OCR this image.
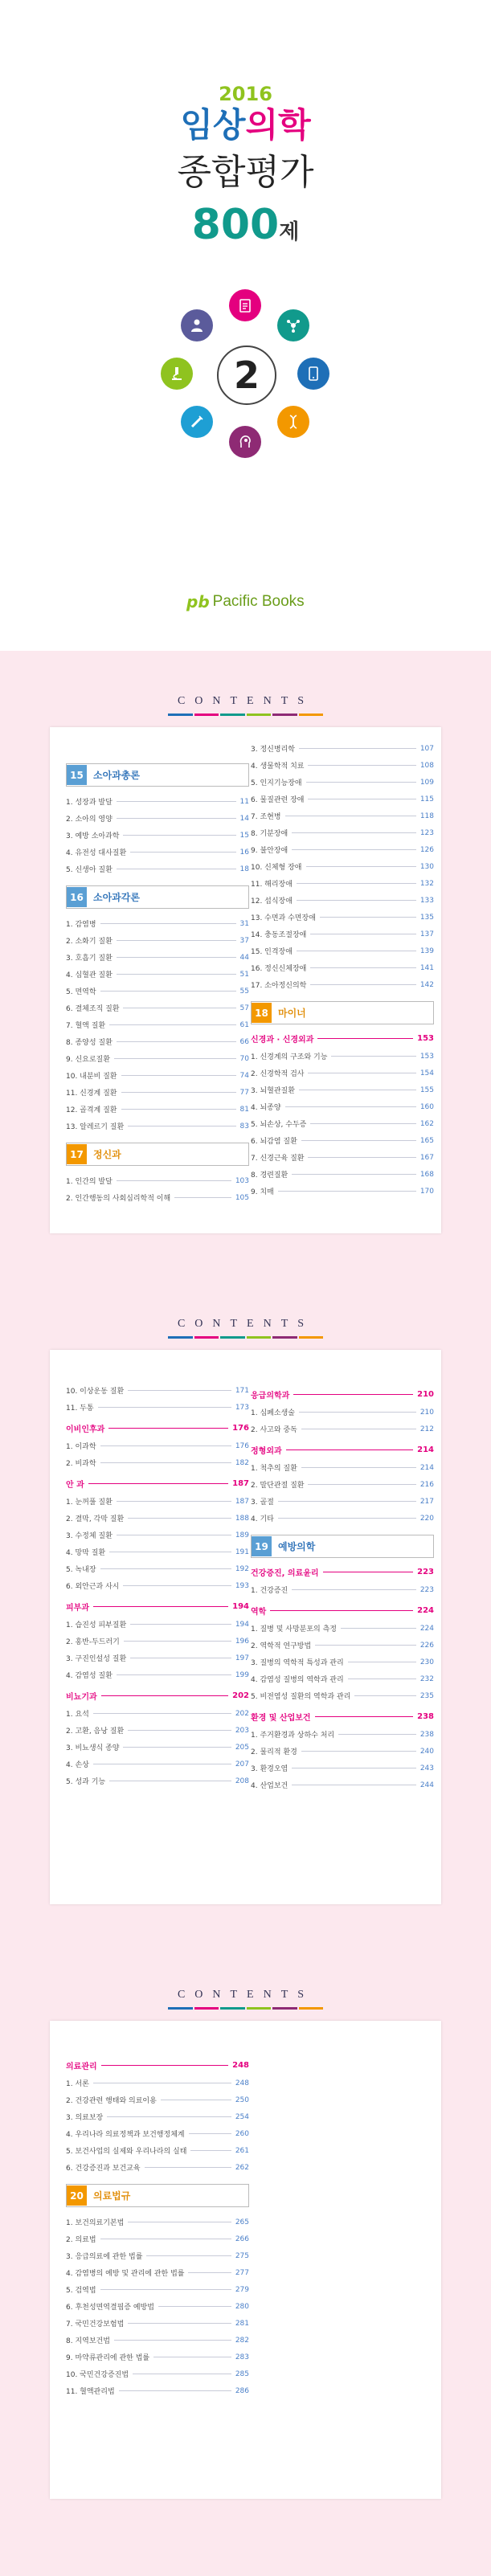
2016
임상의학
종합평가
800제
2
pb Pacific Books
CONTENTS
15	소아과총론
1. 성장과 발달	11
2. 소아의 영양	14
3. 예방 소아과학	15
4. 유전성 대사질환	16
5. 신생아 질환	18
16	소아과각론
1. 감염병	31
2. 소화기 질환	37
3. 호흡기 질환	44
4. 심혈관 질환	51
5. 면역학	55
6. 결체조직 질환	57
7. 혈액 질환	61
8. 종양성 질환	66
9. 신요로질환	70
10. 내분비 질환	74
11. 신경계 질환	77
12. 골격계 질환	81
13. 알레르기 질환	83
17	정신과
1. 인간의 발달	103
2. 인간행동의 사회심리학적 이해	105
3. 정신병리학	107
4. 생물학적 치료	108
5. 인지기능장애	109
6. 물질관련 장애	115
7. 조현병	118
8. 기분장애	123
9. 불안장애	126
10. 신체형 장애	130
11. 해리장애	132
12. 섭식장애	133
13. 수면과 수면장애	135
14. 충동조절장애	137
15. 인격장애	139
16. 정신신체장애	141
17. 소아정신의학	142
18	마이너
신경과 · 신경외과	153
1. 신경계의 구조와 기능	153
2. 신경학적 검사	154
3. 뇌혈관질환	155
4. 뇌종양	160
5. 뇌손상, 수두증	162
6. 뇌감염 질환	165
7. 신경근육 질환	167
8. 경련질환	168
9. 치매	170
CONTENTS
10. 이상운동 질환	171
11. 두통	173
이비인후과	176
1. 이과학	176
2. 비과학	182
안 과	187
1. 눈꺼풀 질환	187
2. 결막, 각막 질환	188
3. 수정체 질환	189
4. 망막 질환	191
5. 녹내장	192
6. 외안근과 사시	193
피부과	194
1. 습진성 피부질환	194
2. 홍반-두드러기	196
3. 구진인설성 질환	197
4. 감염성 질환	199
비뇨기과	202
1. 요석	202
2. 고환, 음낭 질환	203
3. 비뇨생식 종양	205
4. 손상	207
5. 성과 기능	208
응급의학과	210
1. 심폐소생술	210
2. 사고와 중독	212
정형외과	214
1. 척추의 질환	214
2. 말단관절 질환	216
3. 골절	217
4. 기타	220
19	예방의학
건강증진, 의료윤리	223
1. 건강증진	223
역학	224
1. 질병 및 사망분포의 측정	224
2. 역학적 연구방법	226
3. 질병의 역학적 특성과 관리	230
4. 감염성 질병의 역학과 관리	232
5. 비전염성 질환의 역학과 관리	235
환경 및 산업보건	238
1. 주거환경과 상하수 처리	238
2. 물리적 환경	240
3. 환경오염	243
4. 산업보건	244
CONTENTS
의료관리	248
1. 서론	248
2. 건강관련 행태와 의료이용	250
3. 의료보장	254
4. 우리나라 의료정책과 보건행정체계	260
5. 보건사업의 실제와 우리나라의 실태	261
6. 건강증진과 보건교육	262
20	의료법규
1. 보건의료기본법	265
2. 의료법	266
3. 응급의료에 관한 법률	275
4. 감염병의 예방 및 관리에 관한 법률	277
5. 검역법	279
6. 후천성면역결핍증 예방법	280
7. 국민건강보험법	281
8. 지역보건법	282
9. 마약류관리에 관한 법률	283
10. 국민건강증진법	285
11. 혈액관리법	286
